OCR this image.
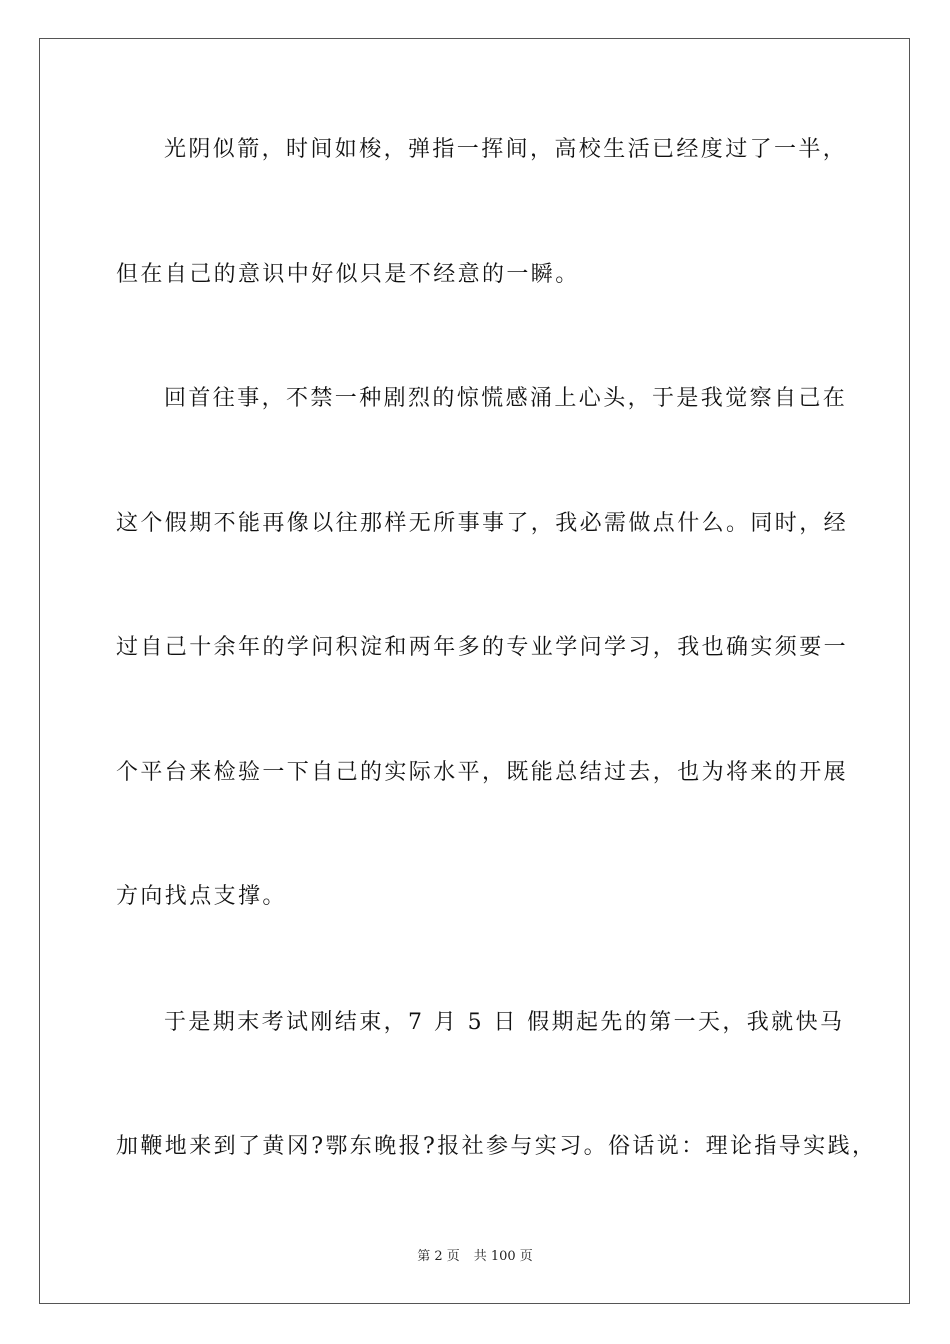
光阴似箭，时间如梭，弹指一挥间，高校生活已经度过了一半，
但在自己的意识中好似只是不经意的一瞬。
回首往事，不禁一种剧烈的惊慌感涌上心头，于是我觉察自己在
这个假期不能再像以往那样无所事事了，我必需做点什么。同时，经
过自己十余年的学问积淀和两年多的专业学问学习，我也确实须要一
个平台来检验一下自己的实际水平，既能总结过去，也为将来的开展
方向找点支撑。
于是期末考试刚结束，7 月 5 日 假期起先的第一天，我就快马
加鞭地来到了黄冈?鄂东晚报?报社参与实习。俗话说：理论指导实践，
第 2 页 共 100 页
